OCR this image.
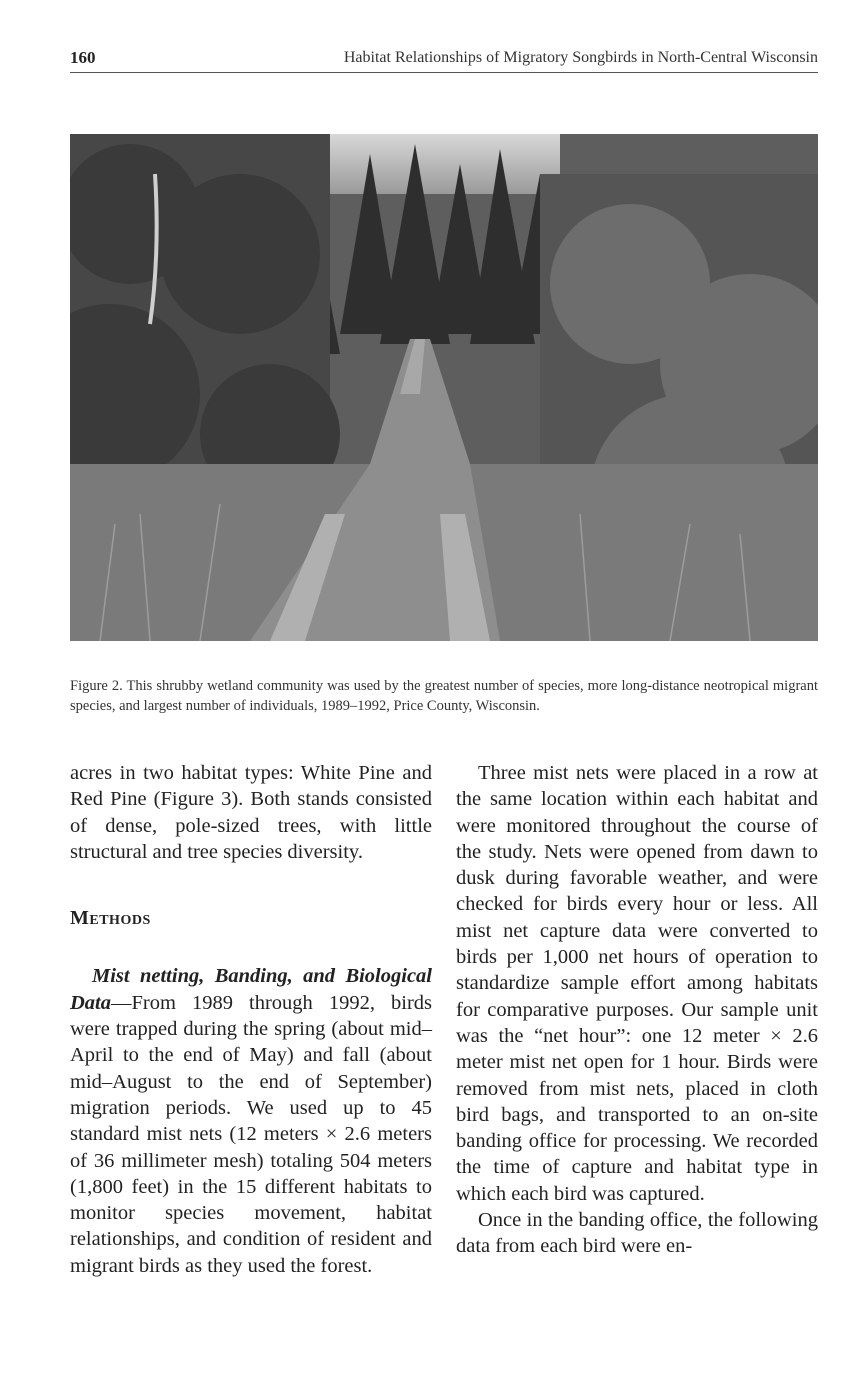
160	Habitat Relationships of Migratory Songbirds in North-Central Wisconsin
Figure 2. This shrubby wetland community was used by the greatest number of species, more long-distance neotropical migrant species, and largest number of individuals, 1989–1992, Price County, Wisconsin.

acres in two habitat types: White Pine and Red Pine (Figure 3). Both stands consisted of dense, pole-sized trees, with little structural and tree species diversity.

Methods

Mist netting, Banding, and Biological Data—From 1989 through 1992, birds were trapped during the spring (about mid–April to the end of May) and fall (about mid–August to the end of September) migration periods. We used up to 45 standard mist nets (12 meters × 2.6 meters of 36 millimeter mesh) totaling 504 meters (1,800 feet) in the 15 different habitats to monitor species movement, habitat relationships, and condition of resident and migrant birds as they used the forest.

Three mist nets were placed in a row at the same location within each habitat and were monitored throughout the course of the study. Nets were opened from dawn to dusk during favorable weather, and were checked for birds every hour or less. All mist net capture data were converted to birds per 1,000 net hours of operation to standardize sample effort among habitats for comparative purposes. Our sample unit was the “net hour”: one 12 meter × 2.6 meter mist net open for 1 hour. Birds were removed from mist nets, placed in cloth bird bags, and transported to an on-site banding office for processing. We recorded the time of capture and habitat type in which each bird was captured.

Once in the banding office, the following data from each bird were en-
